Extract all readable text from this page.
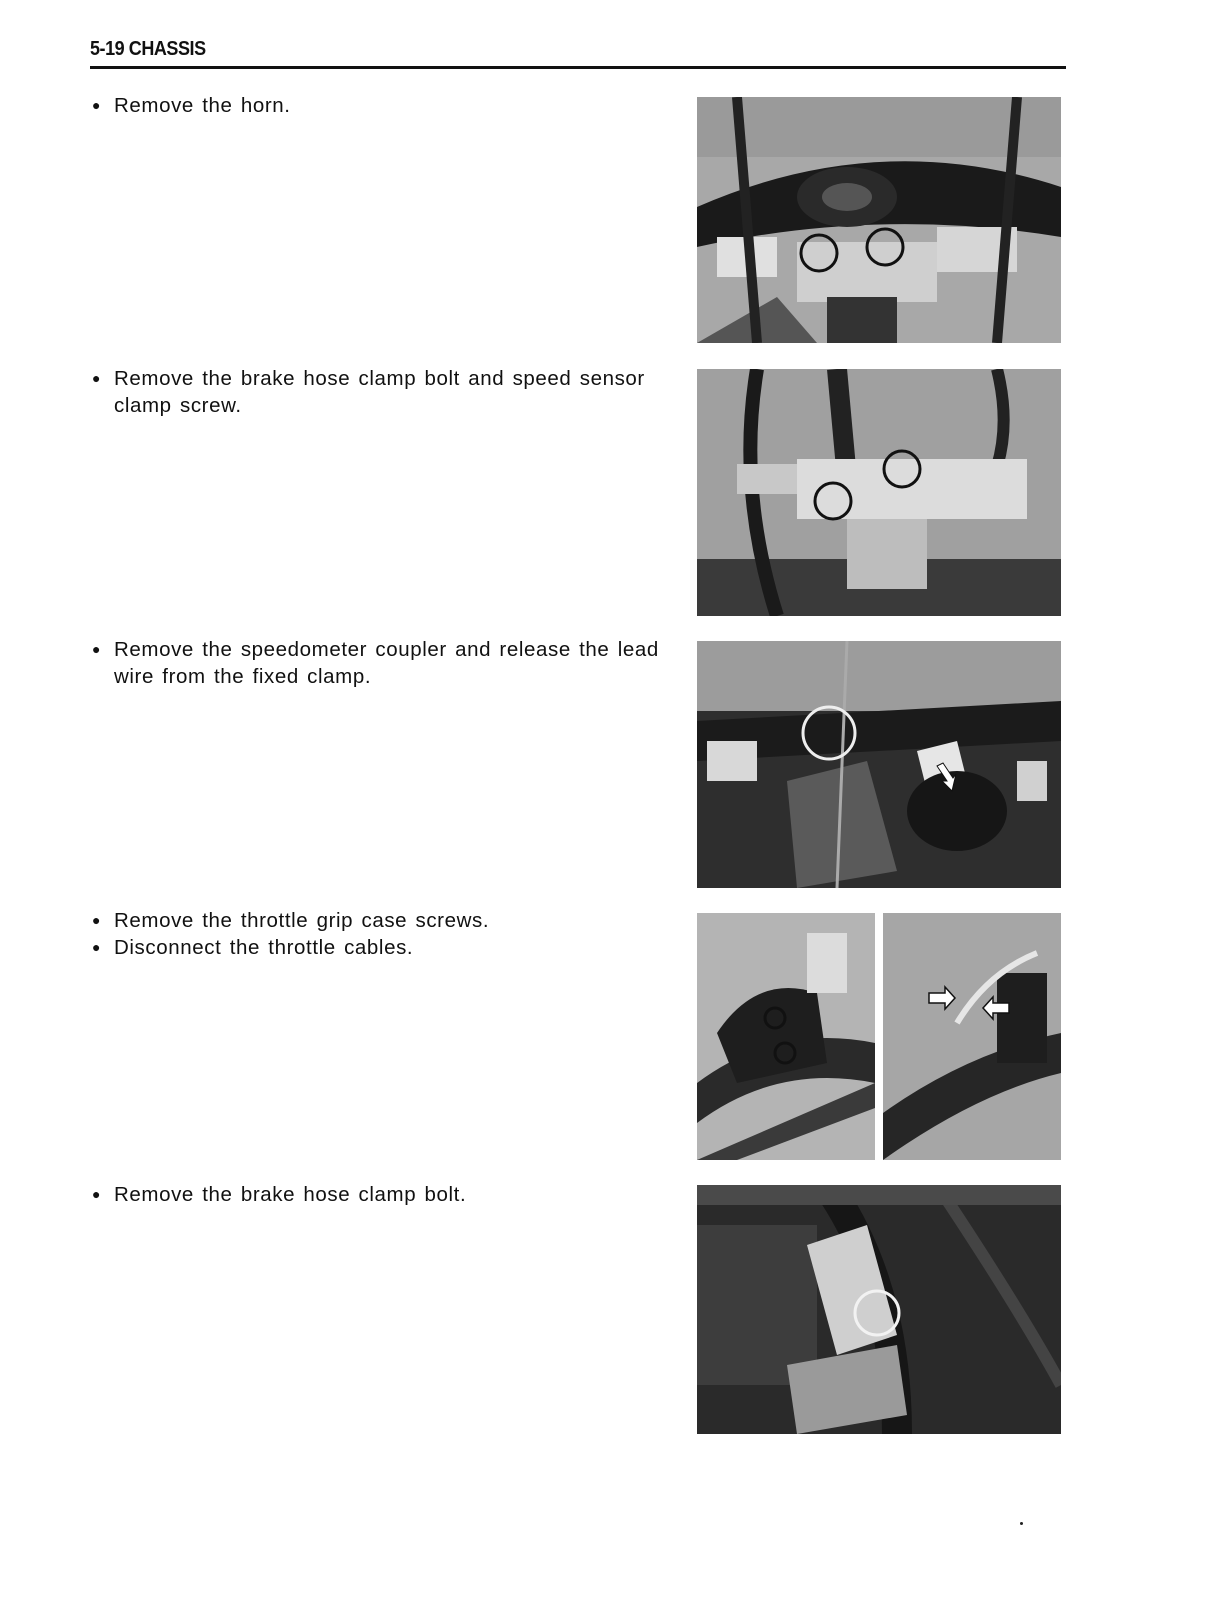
5-19 CHASSIS
● Remove the horn.
● Remove the brake hose clamp bolt and speed sensor
clamp screw.
● Remove the speedometer coupler and release the lead
wire from the fixed clamp.
● Remove the throttle grip case screws.
● Disconnect the throttle cables.
● Remove the brake hose clamp bolt.
